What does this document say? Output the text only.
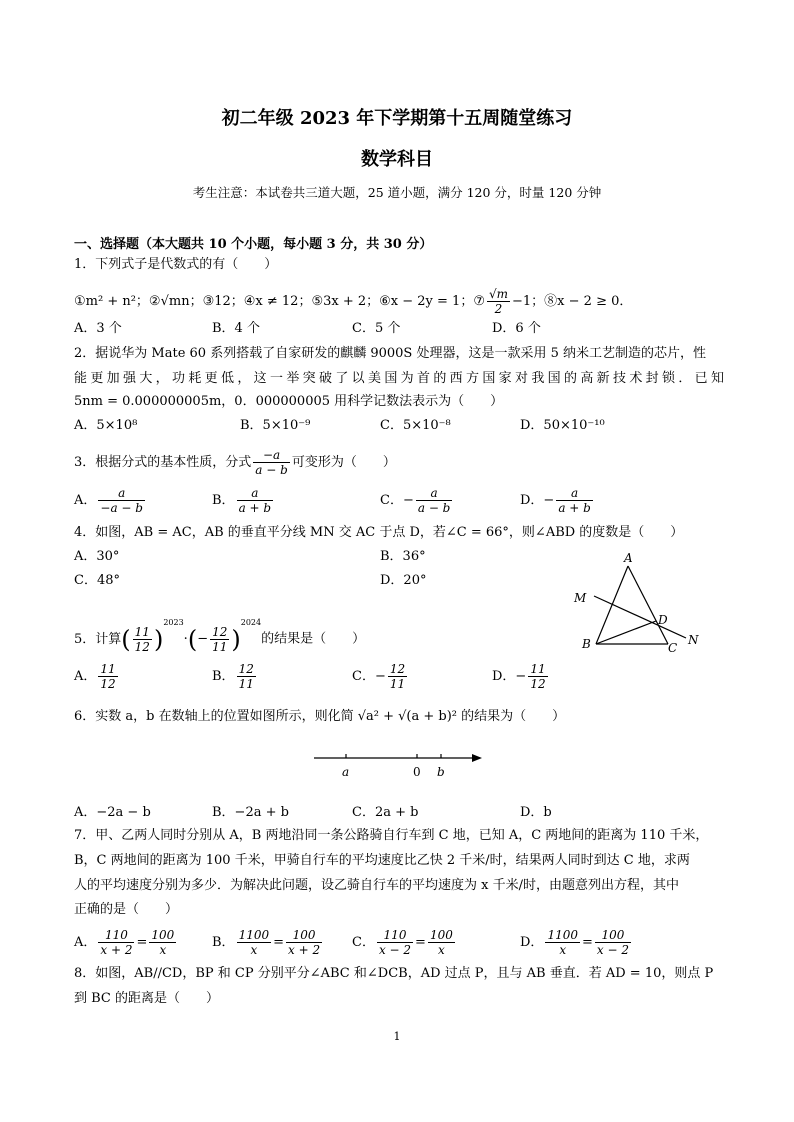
初二年级 2023 年下学期第十五周随堂练习
数学科目
考生注意：本试卷共三道大题，25 道小题，满分 120 分，时量 120 分钟
一、选择题（本大题共 10 个小题，每小题 3 分，共 30 分）
1．下列式子是代数式的有（　　）
①m² + n²；②√mn；③12；④x ≠ 12；⑤3x + 2；⑥x − 2y = 1；⑦ $\frac{√m}{2} -1$；⑧x − 2 ≥ 0．
A．3 个	B．4 个	C．5 个	D．6 个
2．据说华为 Mate 60 系列搭载了自家研发的麒麟 9000S 处理器，这是一款采用 5 纳米工艺制造的芯片，性
能更加强大，功耗更低，这一举突破了以美国为首的西方国家对我国的高新技术封锁．已知
5nm = 0.000000005m，0．000000005 用科学记数法表示为（　　）
A．5×10⁸	B．5×10⁻⁹	C．5×10⁻⁸	D．50×10⁻¹⁰
3．根据分式的基本性质，分式 $\frac{-a}{a - b}$ 可变形为（　　）
A． $\frac{a}{-a - b}$	B． $\frac{a}{a + b}$	C．− $\frac{a}{a - b}$	D．− $\frac{a}{a + b}$
4．如图，AB = AC，AB 的垂直平分线 MN 交 AC 于点 D，若∠C = 66°，则∠ABD 的度数是（　　）
A．30°	B．36°
C．48°	D．20°
A
M
D
B	C
N
5．计算( $\frac{11}{12} )^{2023}\cdot(- \frac{12}{11} )^{2024}$的结果是（　　）
A． $\frac{11}{12}$	B． $\frac{12}{11}$	C．− $\frac{12}{11}$	D．− $\frac{11}{12}$
6．实数 a，b 在数轴上的位置如图所示，则化简 √a² + √(a + b)² 的结果为（　　）
a	0 b
A．−2a − b	B．−2a + b	C．2a + b	D．b
7．甲、乙两人同时分别从 A，B 两地沿同一条公路骑自行车到 C 地，已知 A，C 两地间的距离为 110 千米，
B，C 两地间的距离为 100 千米，甲骑自行车的平均速度比乙快 2 千米/时，结果两人同时到达 C 地，求两
人的平均速度分别为多少．为解决此问题，设乙骑自行车的平均速度为 x 千米/时，由题意列出方程，其中
正确的是（　　）
A． $\frac{110}{x + 2} = \frac{100}{x}$	B． $\frac{1100}{x} = \frac{100}{x + 2}$ C． $\frac{110}{x - 2} = \frac{100}{x}$	D． $\frac{1100}{x} = \frac{100}{x - 2}$
8．如图，AB//CD，BP 和 CP 分别平分∠ABC 和∠DCB，AD 过点 P，且与 AB 垂直．若 AD = 10，则点 P
到 BC 的距离是（　　）
1
